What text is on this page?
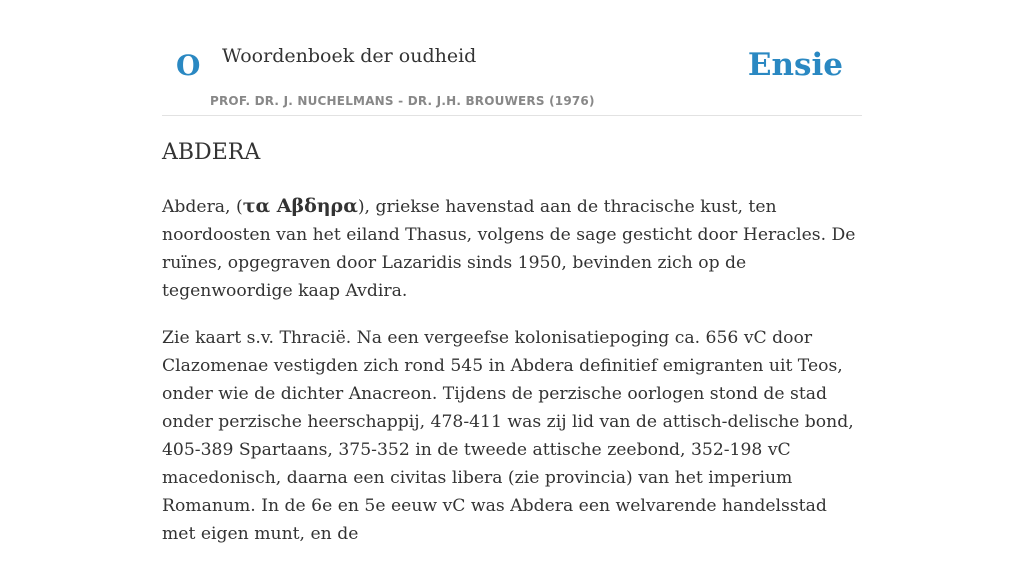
O Woordenboek der oudheid
PROF. DR. J. NUCHELMANS - DR. J.H. BROUWERS (1976)
Ensie
ABDERA

Abdera, (τα Αβδηρα), griekse havenstad aan de thracische kust, ten noordoosten van het eiland Thasus, volgens de sage gesticht door Heracles. De ruïnes, opgegraven door Lazaridis sinds 1950, bevinden zich op de tegenwoordige kaap Avdira.

Zie kaart s.v. Thracië. Na een vergeefse kolonisatiepoging ca. 656 vC door Clazomenae vestigden zich rond 545 in Abdera definitief emigranten uit Teos, onder wie de dichter Anacreon. Tijdens de perzische oorlogen stond de stad onder perzische heerschappij, 478-411 was zij lid van de attisch-delische bond, 405-389 Spartaans, 375-352 in de tweede attische zeebond, 352-198 vC macedonisch, daarna een civitas libera (zie provincia) van het imperium Romanum. In de 6e en 5e eeuw vC was Abdera een welvarende handelsstad met eigen munt, en de
